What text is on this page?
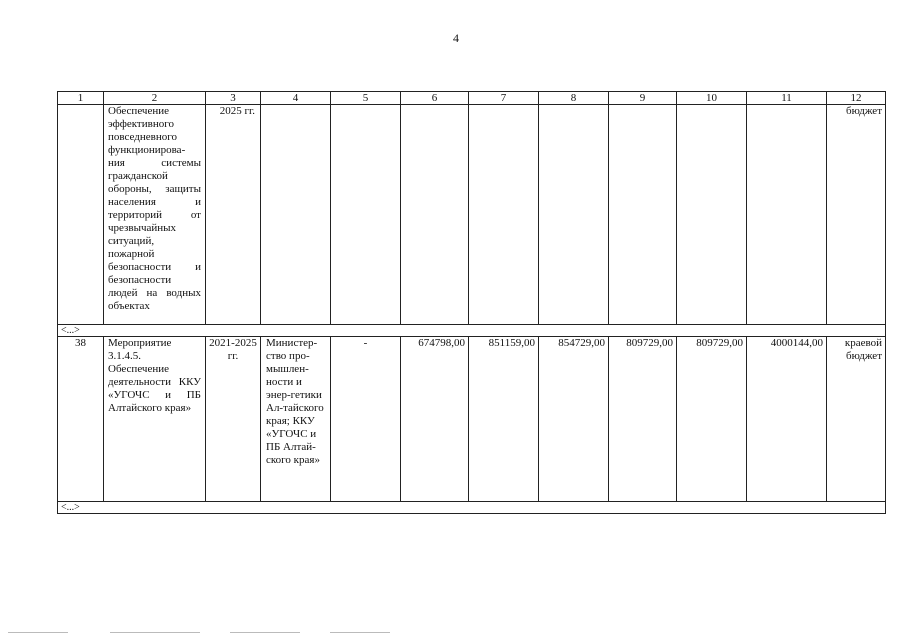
4
1	2	3	4	5	6	7	8	9	10	11	12
	Обеспечение эффективного повседневного функционирова-ния системы гражданской обороны, защиты населения и территорий от чрезвычайных ситуаций, пожарной безопасности и безопасности людей на водных объектах	2025 гг.									бюджет
<...>											
38	Мероприятие 3.1.4.5. Обеспечение деятельности ККУ «УГОЧС и ПБ Алтайского края»	2021-2025 гг.	Министер-ство про-мышлен-ности и энер-гетики Ал-тайского края; ККУ «УГОЧС и ПБ Алтай-ского края»	-	674798,00	851159,00	854729,00	809729,00	809729,00	4000144,00	краевой бюджет
<...>											
